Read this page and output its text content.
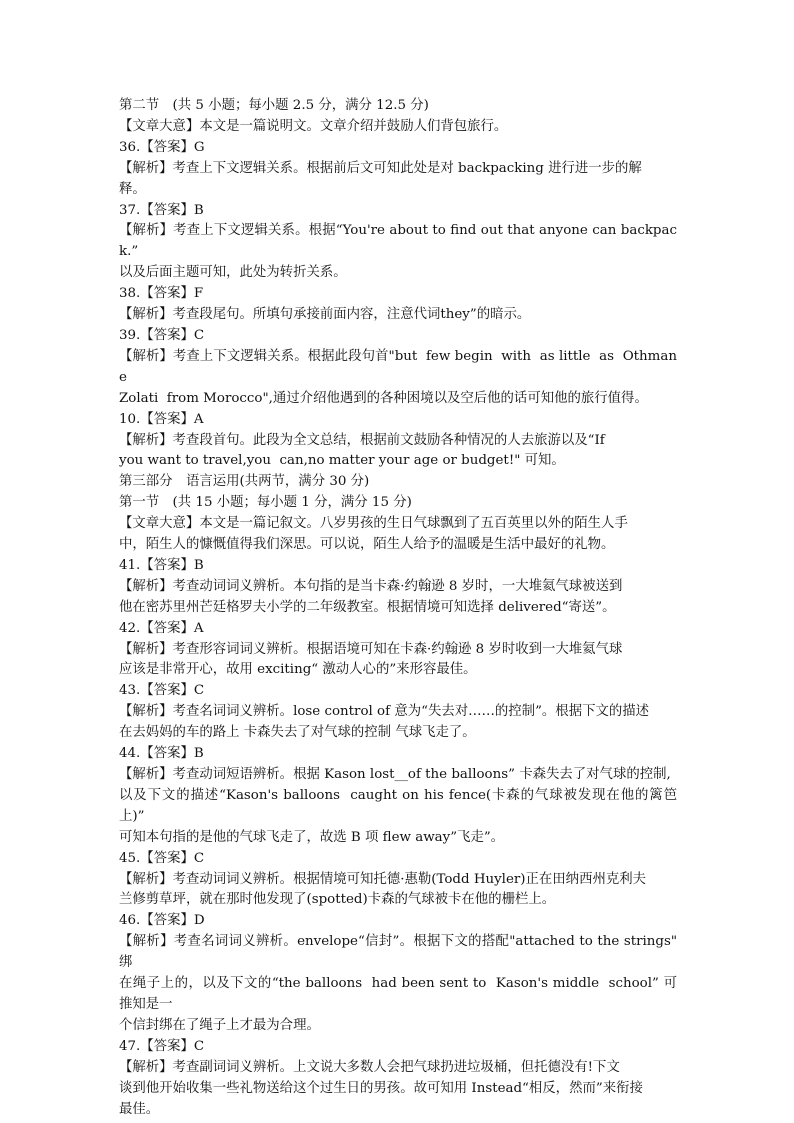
第二节　(共 5 小题；每小题 2.5 分，满分 12.5 分)
【文章大意】本文是一篇说明文。文章介绍并鼓励人们背包旅行。
36.【答案】G
【解析】考查上下文逻辑关系。根据前后文可知此处是对 backpacking 进行进一步的解
释。
37.【答案】B
【解析】考查上下文逻辑关系。根据“You're about to find out that anyone can backpack.”
以及后面主题可知，此处为转折关系。
38.【答案】F
【解析】考查段尾句。所填句承接前面内容，注意代词they”的暗示。
39.【答案】C
【解析】考查上下文逻辑关系。根据此段句首"but  few begin  with  as little  as  Othmane
Zolati  from Morocco",通过介绍他遇到的各种困境以及空后他的话可知他的旅行值得。
10.【答案】A
【解析】考查段首句。此段为全文总结，根据前文鼓励各种情况的人去旅游以及“If
you want to travel,you  can,no matter your age or budget!" 可知。
第三部分　语言运用(共两节，满分 30 分)
第一节　(共 15 小题；每小题 1 分，满分 15 分)
【文章大意】本文是一篇记叙文。八岁男孩的生日气球飘到了五百英里以外的陌生人手
中，陌生人的慷慨值得我们深思。可以说，陌生人给予的温暖是生活中最好的礼物。
41.【答案】B
【解析】考查动词词义辨析。本句指的是当卡森·约翰逊 8 岁时，一大堆氦气球被送到
他在密苏里州芒廷格罗夫小学的二年级教室。根据情境可知选择 delivered“寄送”。
42.【答案】A
【解析】考查形容词词义辨析。根据语境可知在卡森·约翰逊 8 岁时收到一大堆氦气球
应该是非常开心，故用 exciting“ 激动人心的”来形容最佳。
43.【答案】C
【解析】考查名词词义辨析。lose control of 意为“失去对……的控制”。根据下文的描述
在去妈妈的车的路上 卡森失去了对气球的控制 气球飞走了。
44.【答案】B
【解析】考查动词短语辨析。根据 Kason lost__of the balloons” 卡森失去了对气球的控制,
以及下文的描述“Kason's balloons  caught on his fence(卡森的气球被发现在他的篱笆上)”
可知本句指的是他的气球飞走了，故选 B 项 flew away”飞走”。
45.【答案】C
【解析】考查动词词义辨析。根据情境可知托德·惠勒(Todd Huyler)正在田纳西州克利夫
兰修剪草坪，就在那时他发现了(spotted)卡森的气球被卡在他的栅栏上。
46.【答案】D
【解析】考查名词词义辨析。envelope“信封”。根据下文的搭配"attached to the strings" 绑
在绳子上的，以及下文的“the balloons  had been sent to  Kason's middle  school” 可推知是一
个信封绑在了绳子上才最为合理。
47.【答案】C
【解析】考查副词词义辨析。上文说大多数人会把气球扔进垃圾桶，但托德没有!下文
谈到他开始收集一些礼物送给这个过生日的男孩。故可知用 Instead“相反，然而”来衔接
最佳。
